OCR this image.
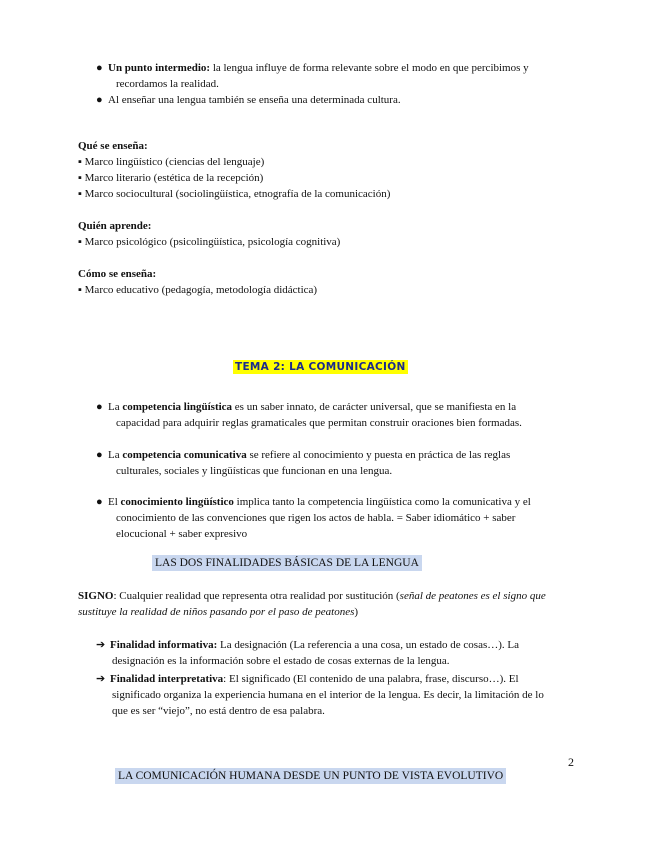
● Un punto intermedio: la lengua influye de forma relevante sobre el modo en que percibimos y
recordamos la realidad.
● Al enseñar una lengua también se enseña una determinada cultura.
Qué se enseña:
▪ Marco lingüístico (ciencias del lenguaje)
▪ Marco literario (estética de la recepción)
▪ Marco sociocultural (sociolingüística, etnografía de la comunicación)
Quién aprende:
▪ Marco psicológico (psicolingüística, psicología cognitiva)
Cómo se enseña:
▪ Marco educativo (pedagogía, metodología didáctica)
TEMA 2: LA COMUNICACIÓN
● La competencia lingüística es un saber innato, de carácter universal, que se manifiesta en la
capacidad para adquirir reglas gramaticales que permitan construir oraciones bien formadas.
● La competencia comunicativa se refiere al conocimiento y puesta en práctica de las reglas
culturales, sociales y lingüísticas que funcionan en una lengua.
● El conocimiento lingüístico implica tanto la competencia lingüística como la comunicativa y el
conocimiento de las convenciones que rigen los actos de habla. = Saber idiomático + saber
elocucional + saber expresivo
LAS DOS FINALIDADES BÁSICAS DE LA LENGUA
SIGNO: Cualquier realidad que representa otra realidad por sustitución (señal de peatones es el signo que
sustituye la realidad de niños pasando por el paso de peatones)
➔ Finalidad informativa: La designación (La referencia a una cosa, un estado de cosas…). La
designación es la información sobre el estado de cosas externas de la lengua.
➔ Finalidad interpretativa: El significado (El contenido de una palabra, frase, discurso…). El
significado organiza la experiencia humana en el interior de la lengua. Es decir, la limitación de lo
que es ser “viejo”, no está dentro de esa palabra.
2
LA COMUNICACIÓN HUMANA DESDE UN PUNTO DE VISTA EVOLUTIVO
